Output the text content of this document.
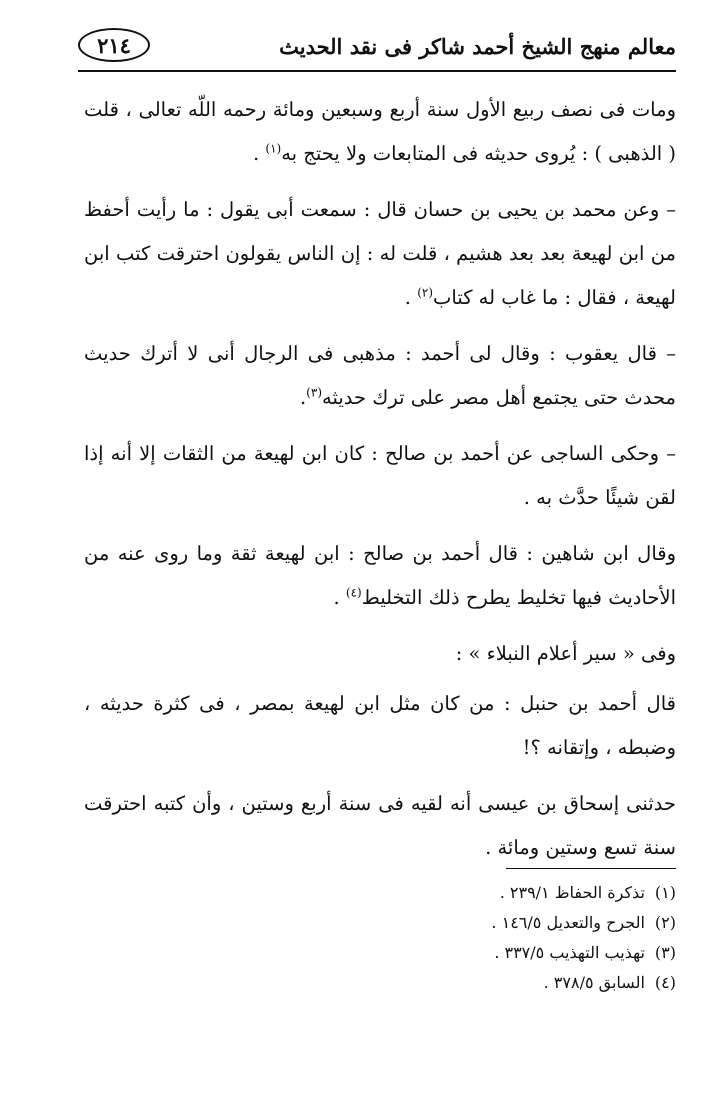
معالم منهج الشيخ أحمد شاكر فى نقد الحديث
٢١٤

ومات فى نصف ربيع الأول سنة أربع وسبعين ومائة رحمه اللّه تعالى ، قلت ( الذهبى ) : يُروى حديثه فى المتابعات ولا يحتج به$^{(١)}$ .

– وعن محمد بن يحيى بن حسان قال : سمعت أبى يقول : ما رأيت أحفظ من ابن لهيعة بعد بعد هشيم ، قلت له : إن الناس يقولون احترقت كتب ابن لهيعة ، فقال : ما غاب له كتاب$^{(٢)}$ .

– قال يعقوب : وقال لى أحمد : مذهبى فى الرجال أنى لا أترك حديث محدث حتى يجتمع أهل مصر على ترك حديثه$^{(٣)}$.

– وحكى الساجى عن أحمد بن صالح : كان ابن لهيعة من الثقات إلا أنه إذا لقن شيئًا حدَّث به .

وقال ابن شاهين : قال أحمد بن صالح : ابن لهيعة ثقة وما روى عنه من الأحاديث فيها تخليط يطرح ذلك التخليط$^{(٤)}$ .

وفى « سير أعلام النبلاء » :

قال أحمد بن حنبل : من كان مثل ابن لهيعة بمصر ، فى كثرة حديثه ، وضبطه ، وإتقانه ؟!

حدثنى إسحاق بن عيسى أنه لقيه فى سنة أربع وستين ، وأن كتبه احترقت سنة تسع وستين ومائة .

(١)
تذكرة الحفاظ ٢٣٩/١ .
(٢)
الجرح والتعديل ١٤٦/٥ .
(٣)
تهذيب التهذيب ٣٣٧/٥ .
(٤)
السابق ٣٧٨/٥ .
